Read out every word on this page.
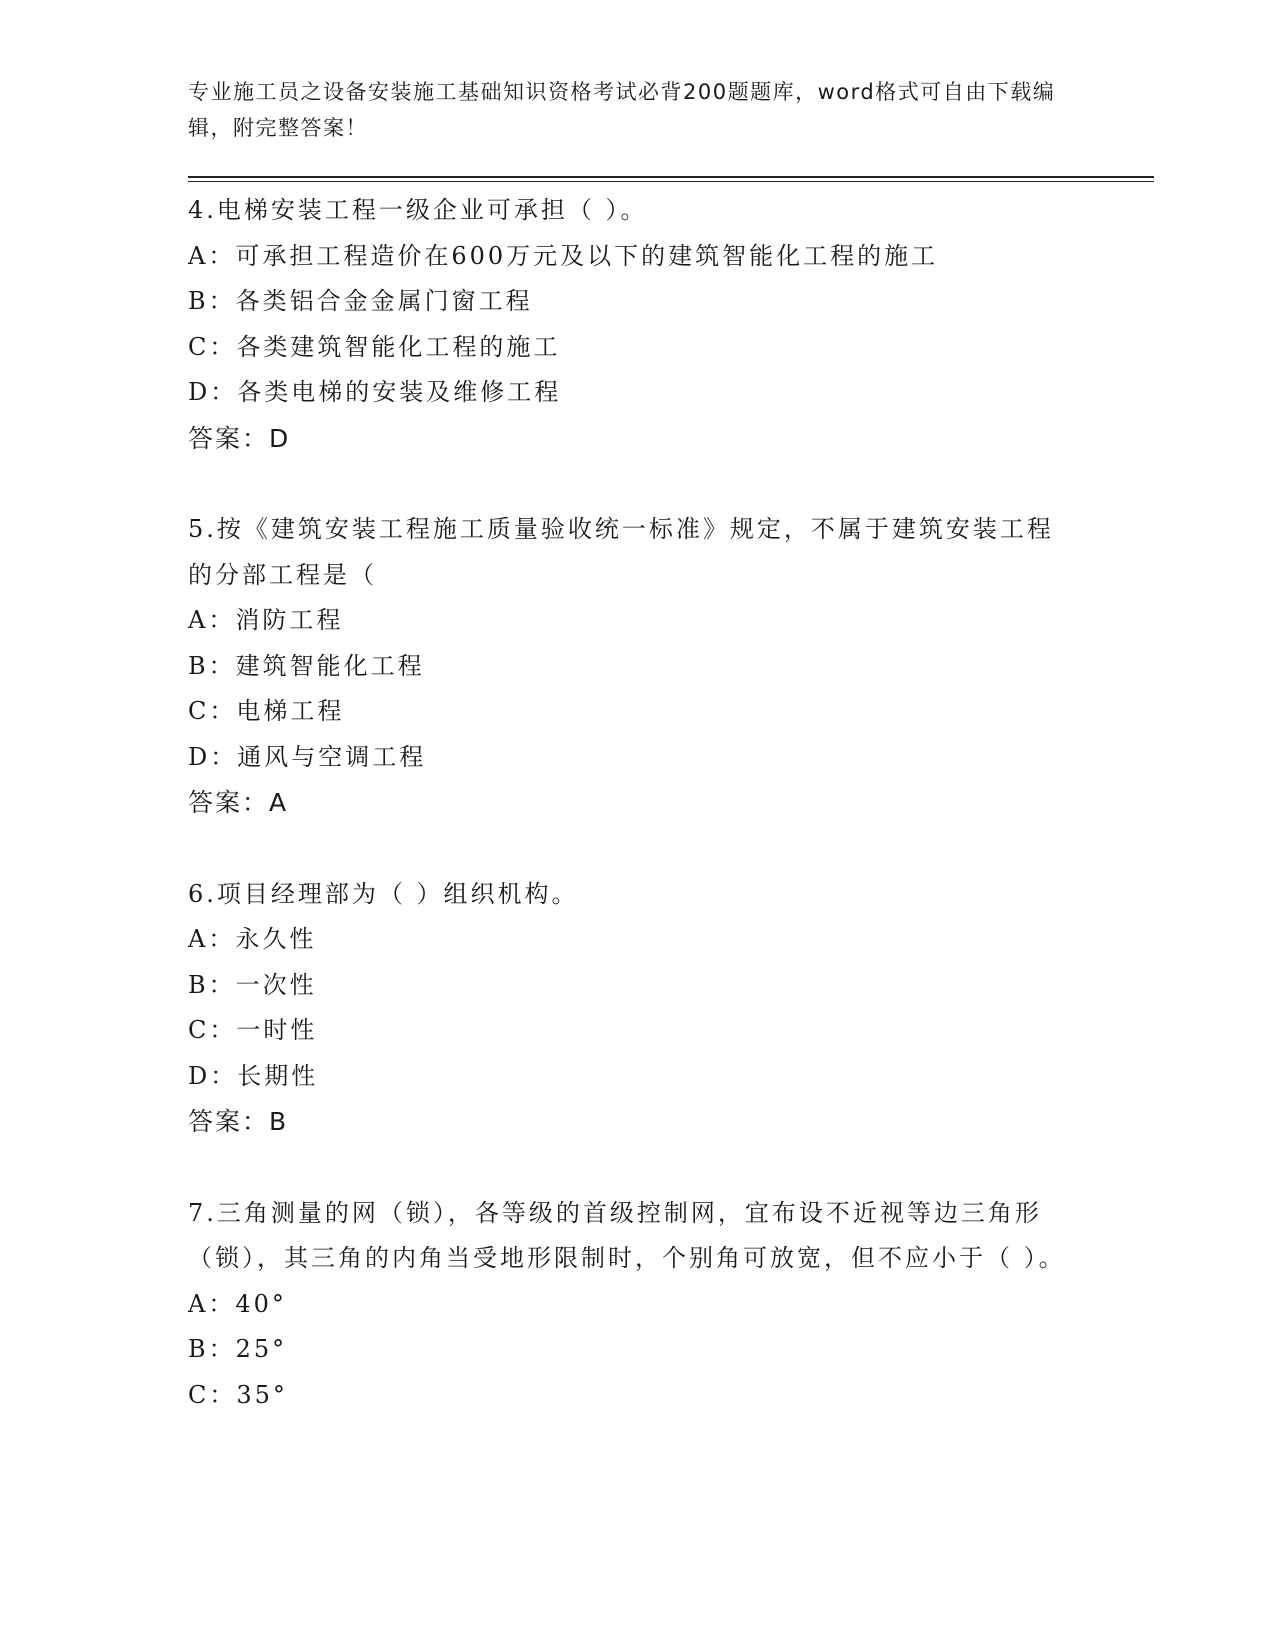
专业施工员之设备安装施工基础知识资格考试必背200题题库，word格式可自由下载编辑，附完整答案！

4.电梯安装工程一级企业可承担（ ）。

A：可承担工程造价在600万元及以下的建筑智能化工程的施工

B：各类铝合金金属门窗工程

C：各类建筑智能化工程的施工

D：各类电梯的安装及维修工程

答案：D

5.按《建筑安装工程施工质量验收统一标准》规定，不属于建筑安装工程的分部工程是（

A：消防工程

B：建筑智能化工程

C：电梯工程

D：通风与空调工程

答案：A

6.项目经理部为（ ）组织机构。

A：永久性

B：一次性

C：一时性

D：长期性

答案：B

7.三角测量的网（锁），各等级的首级控制网，宜布设不近视等边三角形（锁），其三角的内角当受地形限制时，个别角可放宽，但不应小于（ ）。

A：40°

B：25°

C：35°
